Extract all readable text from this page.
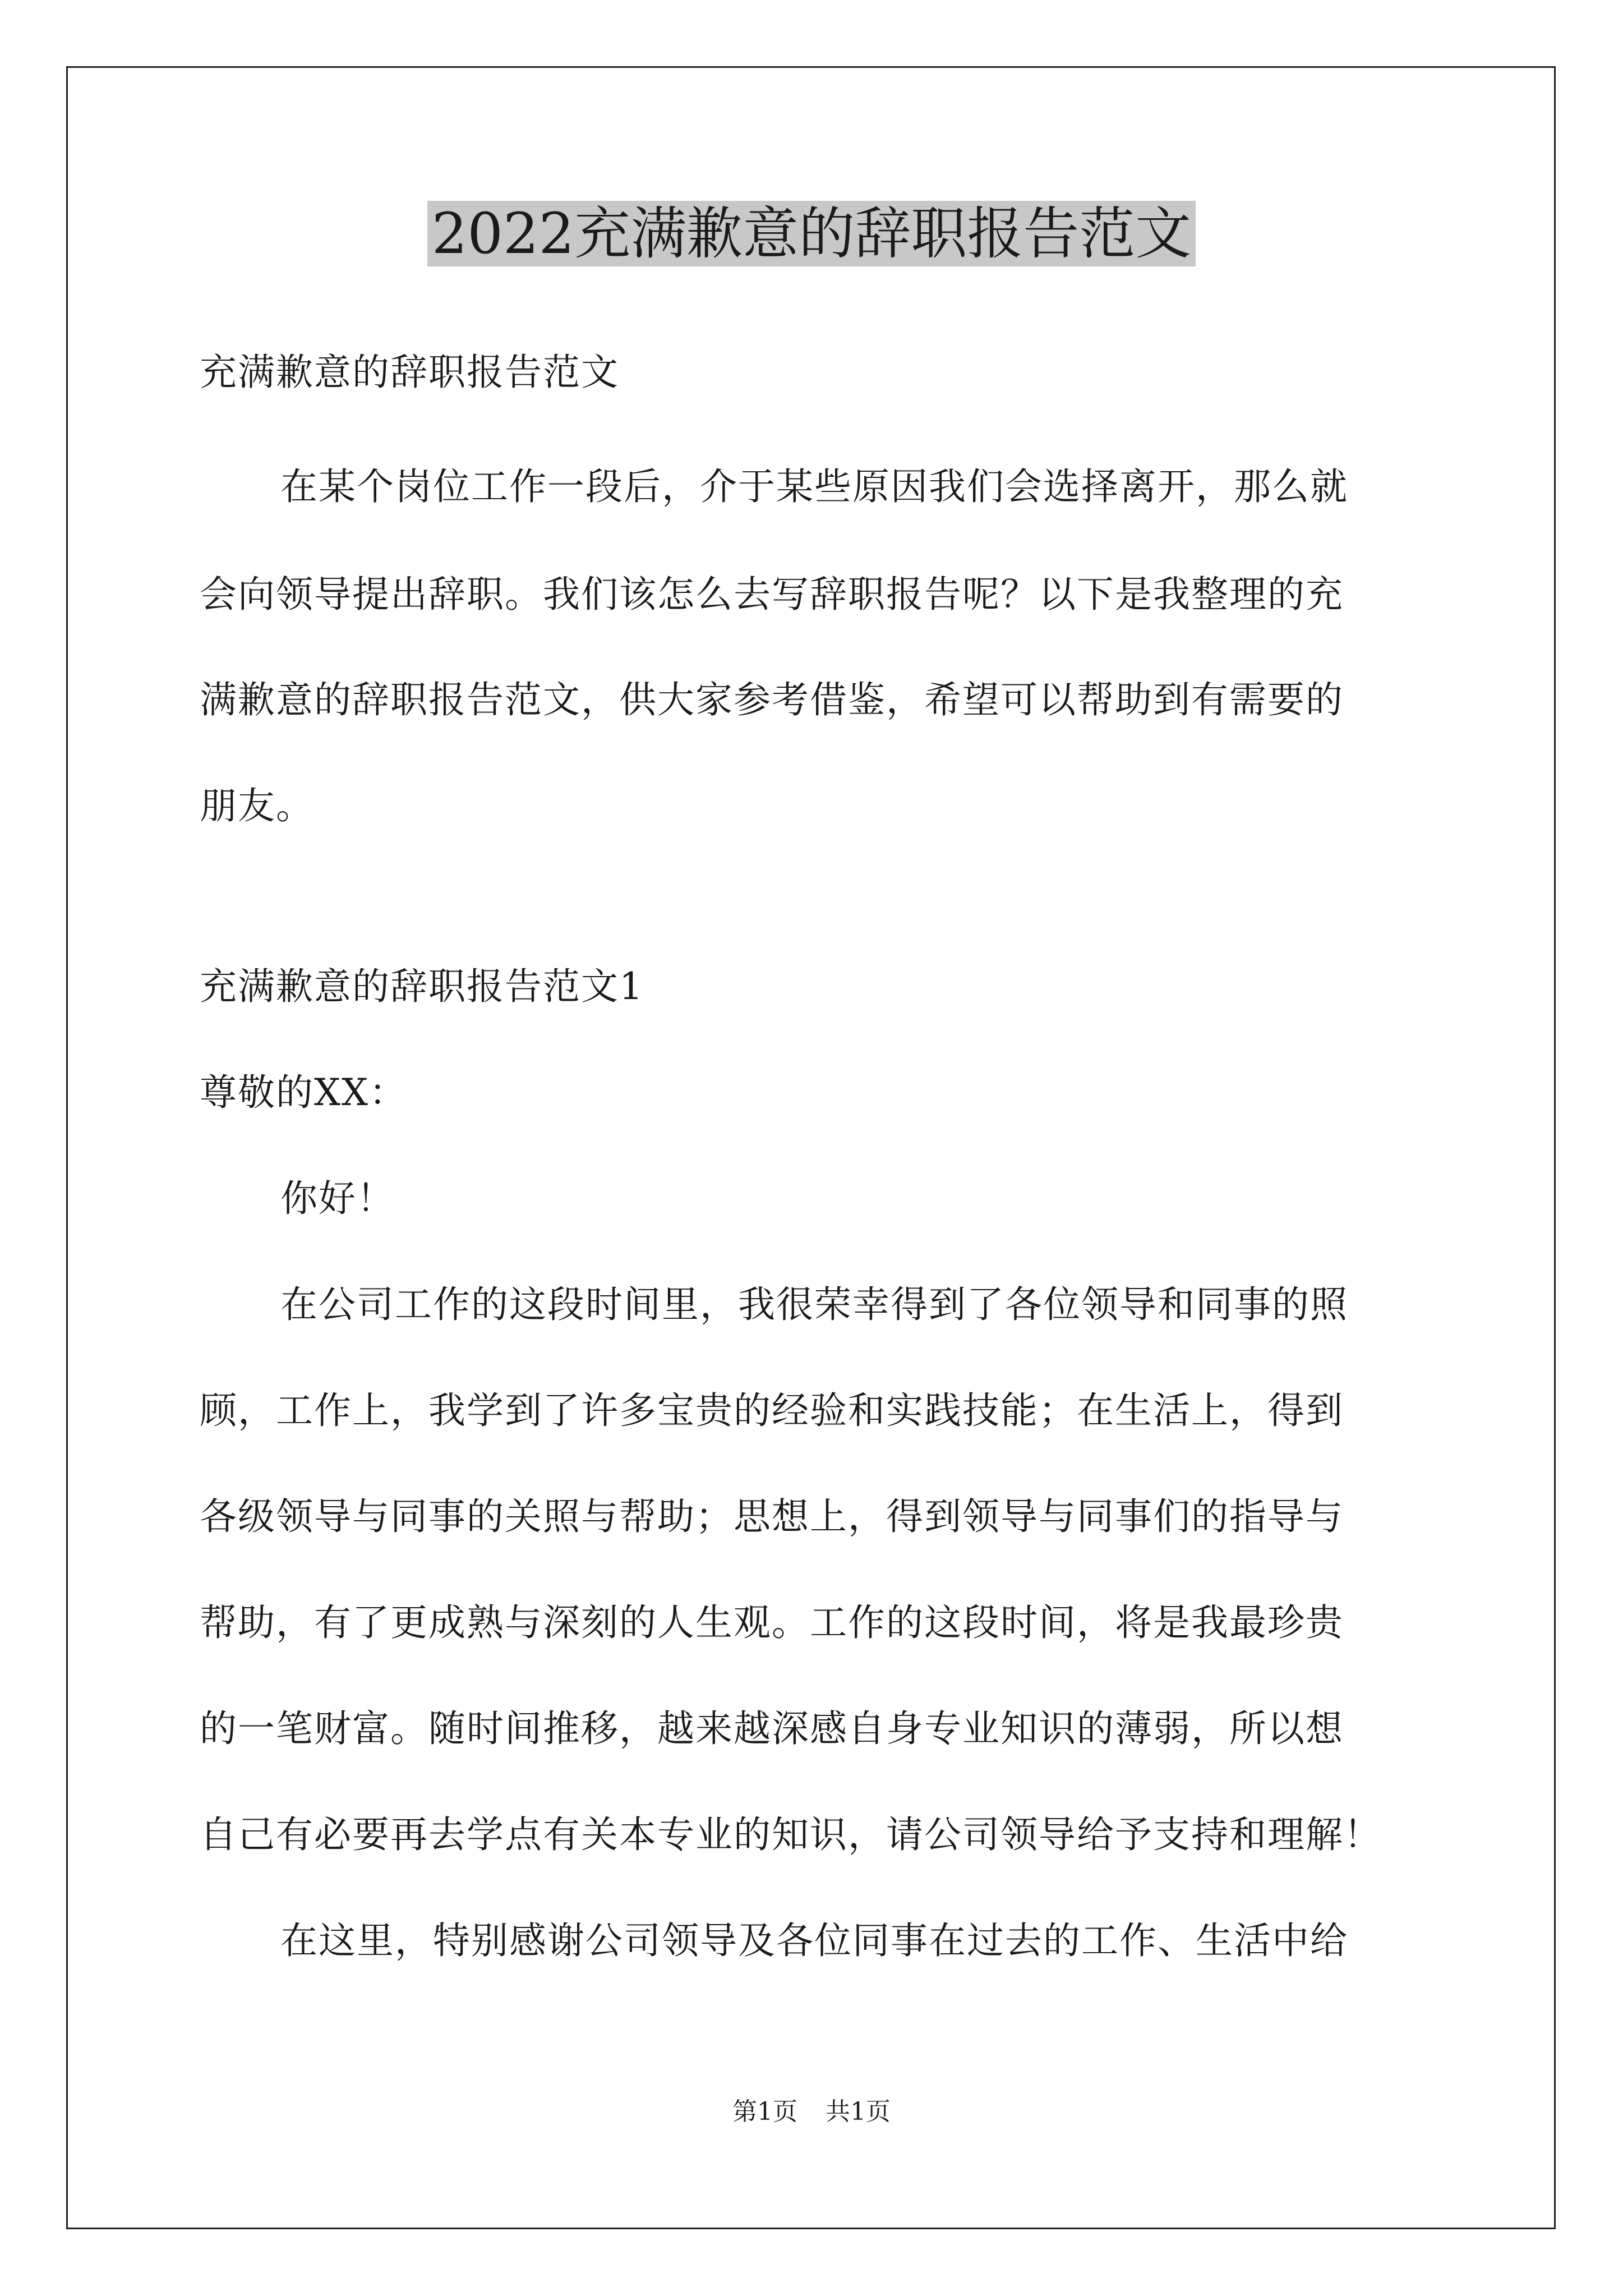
2022充满歉意的辞职报告范文
充满歉意的辞职报告范文
在某个岗位工作一段后，介于某些原因我们会选择离开，那么就
会向领导提出辞职。我们该怎么去写辞职报告呢？以下是我整理的充
满歉意的辞职报告范文，供大家参考借鉴，希望可以帮助到有需要的
朋友。
充满歉意的辞职报告范文1
尊敬的XX：
你好！
在公司工作的这段时间里，我很荣幸得到了各位领导和同事的照
顾，工作上，我学到了许多宝贵的经验和实践技能；在生活上，得到
各级领导与同事的关照与帮助；思想上，得到领导与同事们的指导与
帮助，有了更成熟与深刻的人生观。工作的这段时间，将是我最珍贵
的一笔财富。随时间推移，越来越深感自身专业知识的薄弱，所以想
自己有必要再去学点有关本专业的知识，请公司领导给予支持和理解！
在这里，特别感谢公司领导及各位同事在过去的工作、生活中给
第1页 共1页
